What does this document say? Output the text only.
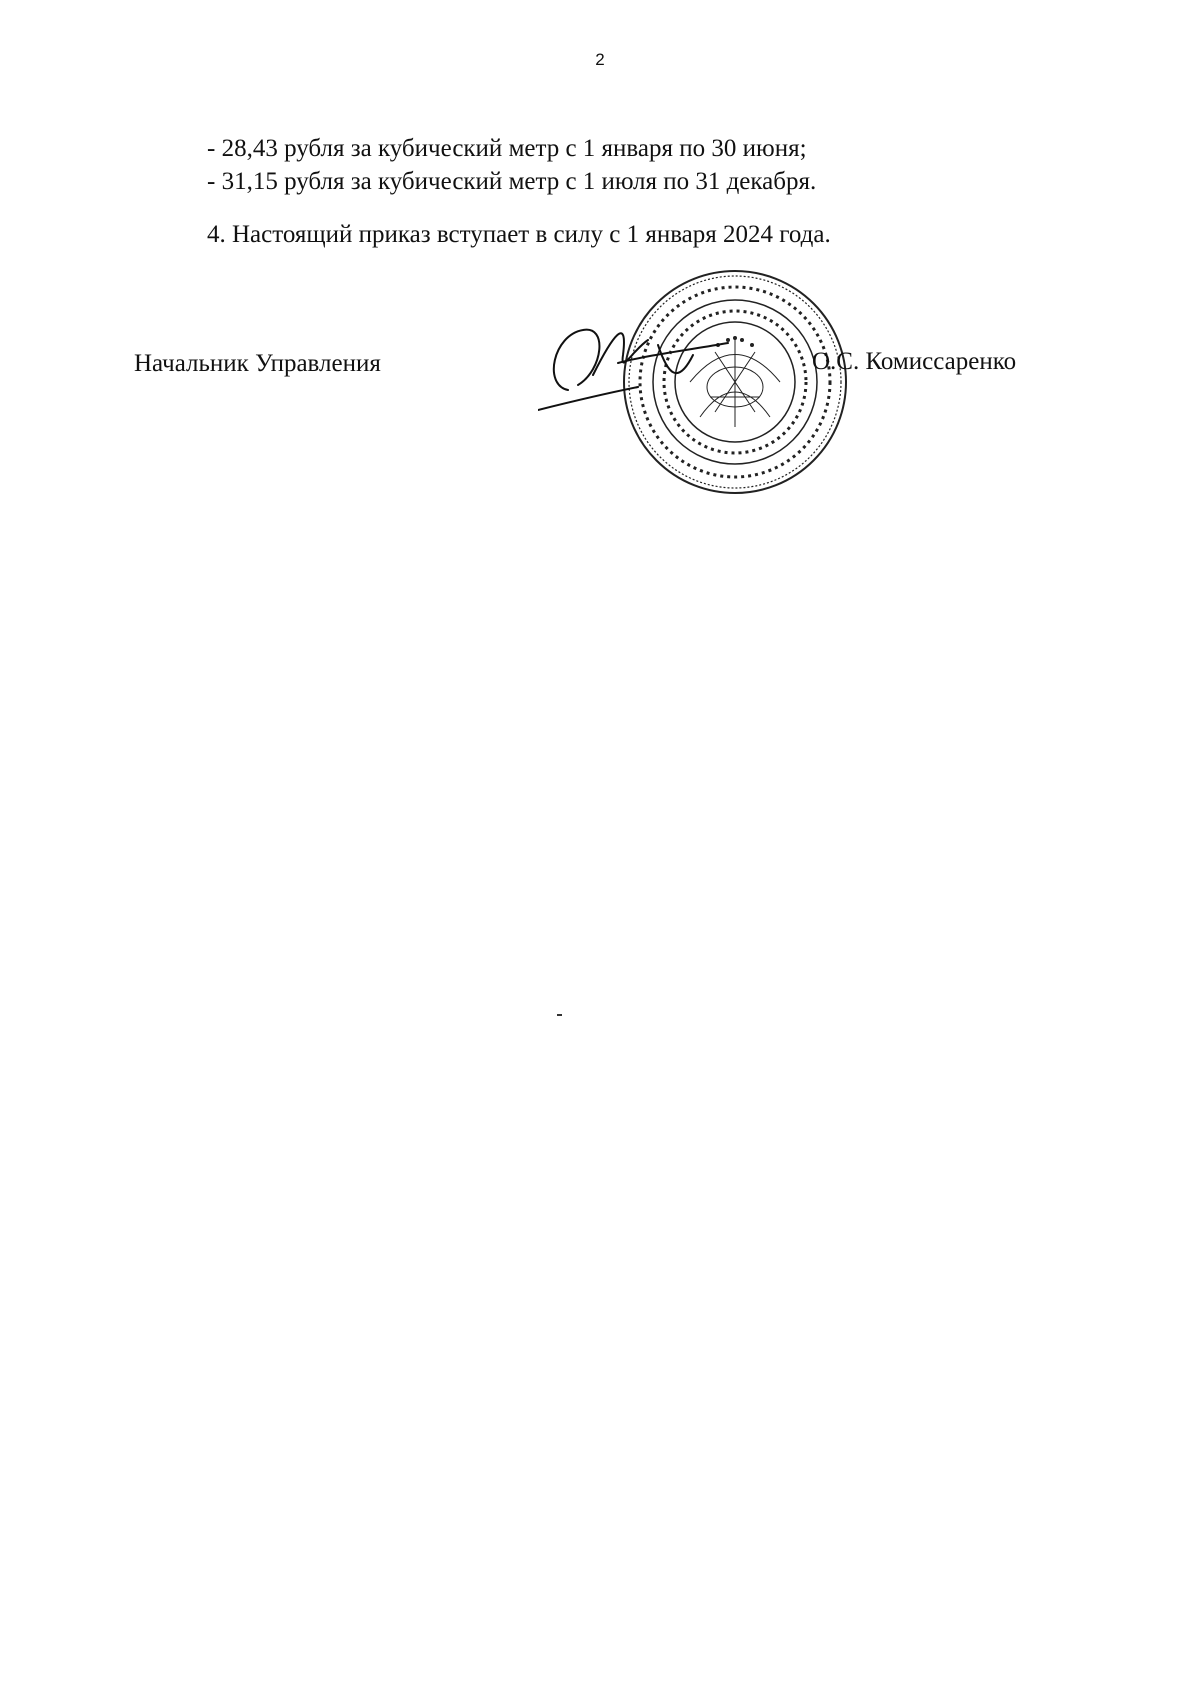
2
- 28,43 рубля за кубический метр с 1 января по 30 июня;
- 31,15 рубля за кубический метр с 1 июля по 31 декабря.
4. Настоящий приказ вступает в силу с 1 января 2024 года.
Начальник Управления	О.С. Комиссаренко
